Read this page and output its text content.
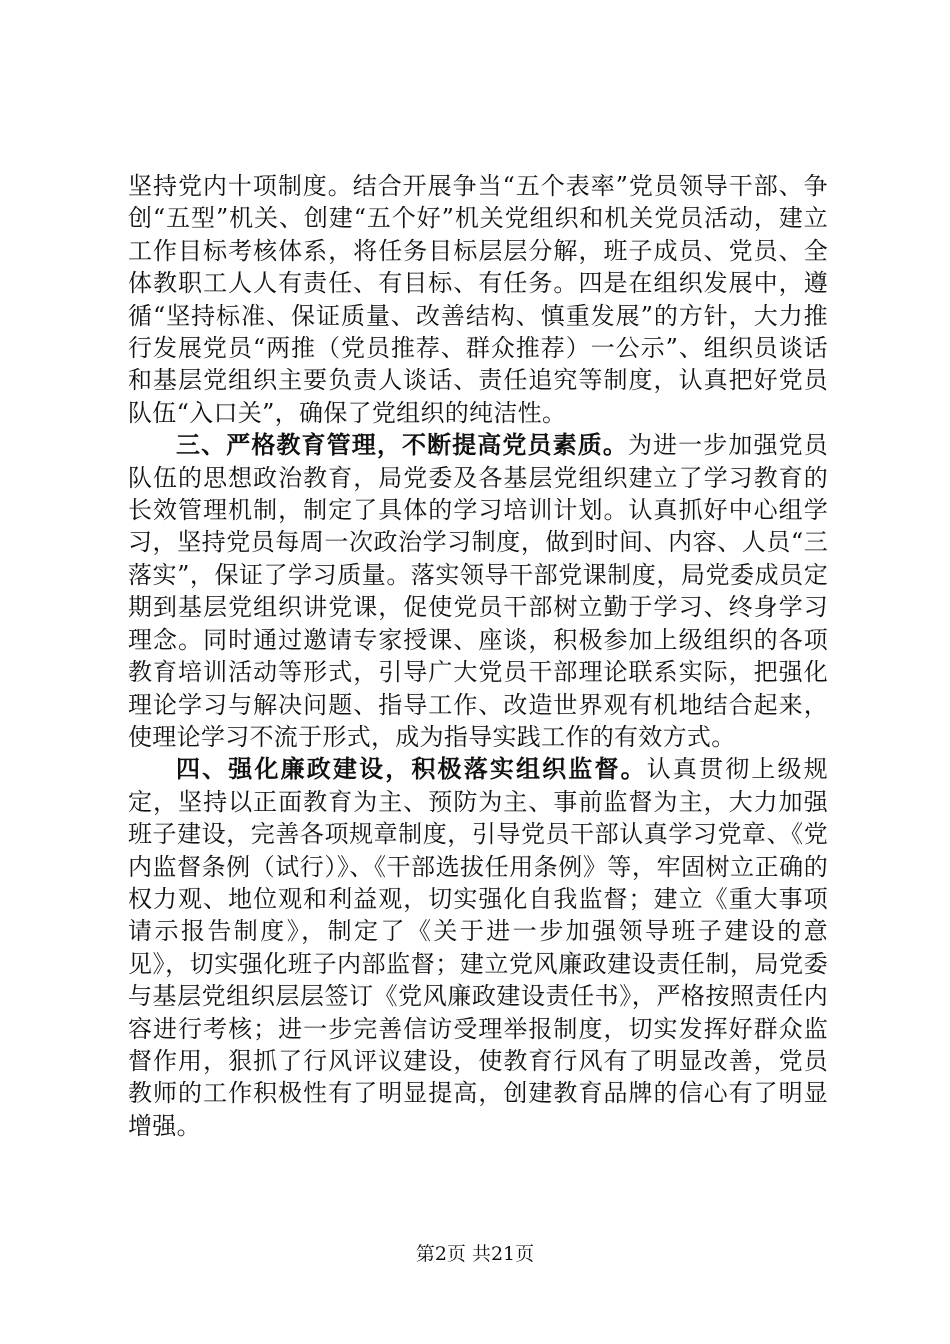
坚持党内十项制度。结合开展争当“五个表率”党员领导干部、争创“五型”机关、创建“五个好”机关党组织和机关党员活动，建立工作目标考核体系，将任务目标层层分解，班子成员、党员、全体教职工人人有责任、有目标、有任务。四是在组织发展中，遵循“坚持标准、保证质量、改善结构、慎重发展”的方针，大力推行发展党员“两推（党员推荐、群众推荐）一公示”、组织员谈话和基层党组织主要负责人谈话、责任追究等制度，认真把好党员队伍“入口关”，确保了党组织的纯洁性。

三、严格教育管理，不断提高党员素质。为进一步加强党员队伍的思想政治教育，局党委及各基层党组织建立了学习教育的长效管理机制，制定了具体的学习培训计划。认真抓好中心组学习，坚持党员每周一次政治学习制度，做到时间、内容、人员“三落实”，保证了学习质量。落实领导干部党课制度，局党委成员定期到基层党组织讲党课，促使党员干部树立勤于学习、终身学习理念。同时通过邀请专家授课、座谈，积极参加上级组织的各项教育培训活动等形式，引导广大党员干部理论联系实际，把强化理论学习与解决问题、指导工作、改造世界观有机地结合起来，使理论学习不流于形式，成为指导实践工作的有效方式。

四、强化廉政建设，积极落实组织监督。认真贯彻上级规定，坚持以正面教育为主、预防为主、事前监督为主，大力加强班子建设，完善各项规章制度，引导党员干部认真学习党章、《党内监督条例（试行）》、《干部选拔任用条例》等，牢固树立正确的权力观、地位观和利益观，切实强化自我监督；建立《重大事项请示报告制度》，制定了《关于进一步加强领导班子建设的意见》，切实强化班子内部监督；建立党风廉政建设责任制，局党委与基层党组织层层签订《党风廉政建设责任书》，严格按照责任内容进行考核；进一步完善信访受理举报制度，切实发挥好群众监督作用，狠抓了行风评议建设，使教育行风有了明显改善，党员教师的工作积极性有了明显提高，创建教育品牌的信心有了明显增强。

第2页 共21页
